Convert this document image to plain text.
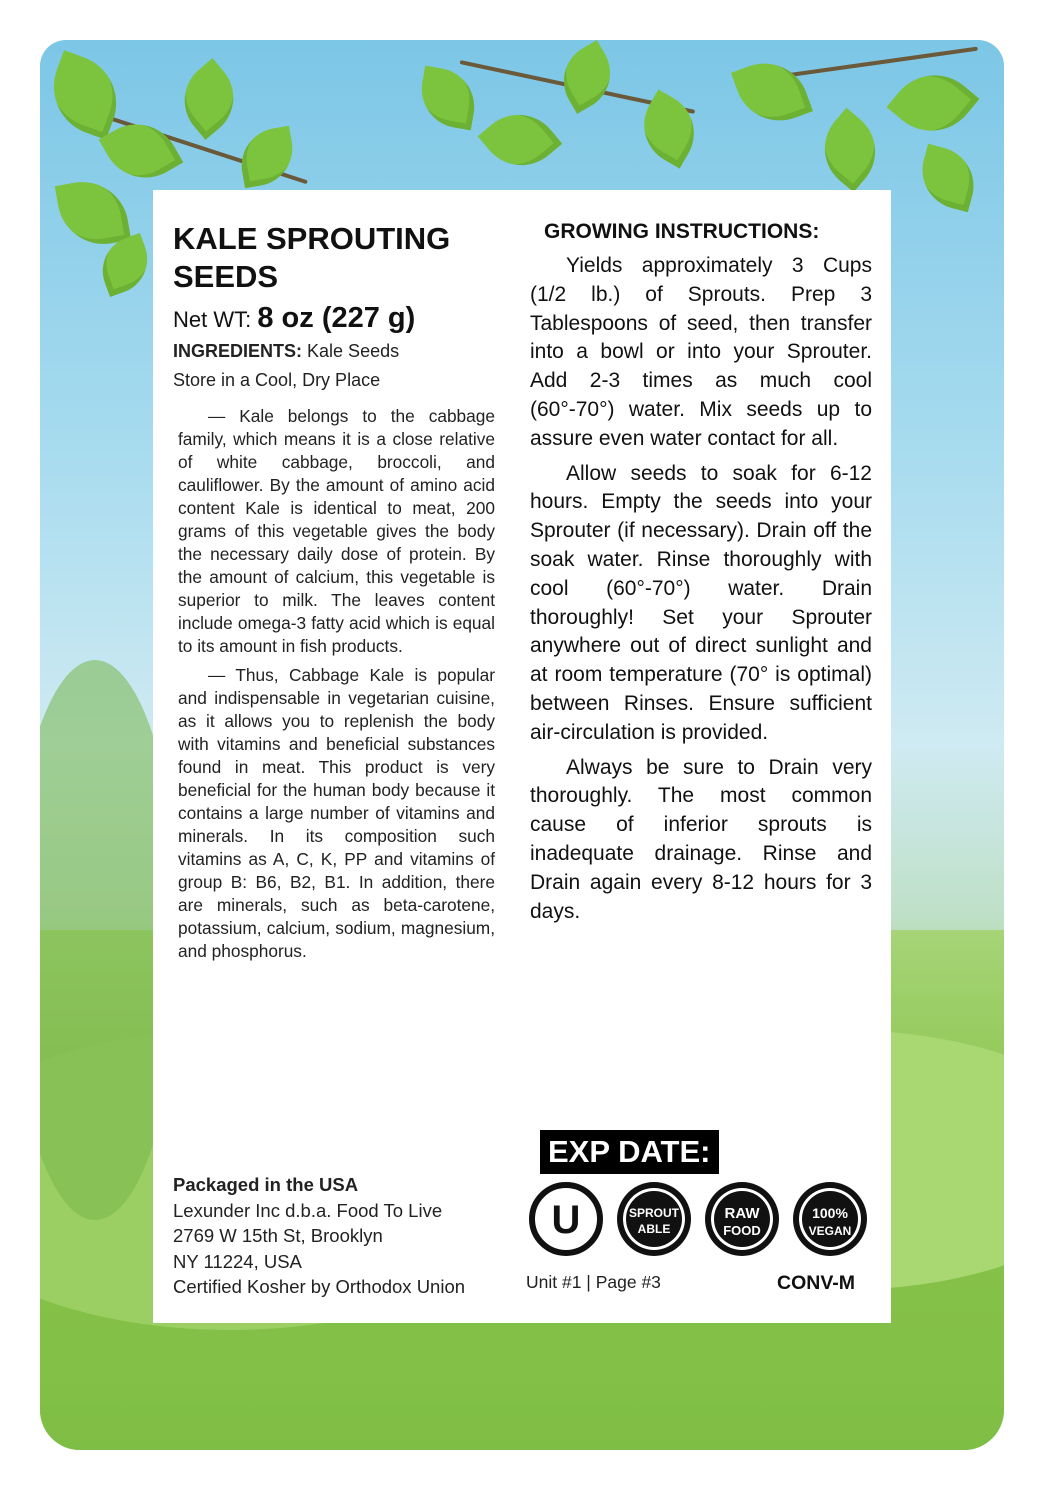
KALE SPROUTING SEEDS
Net WT: 8 oz (227 g)
INGREDIENTS: Kale Seeds
Store in a Cool, Dry Place

— Kale belongs to the cabbage family, which means it is a close relative of white cabbage, broccoli, and cauliflower. By the amount of amino acid content Kale is identical to meat, 200 grams of this vegetable gives the body the necessary daily dose of protein. By the amount of calcium, this vegetable is superior to milk. The leaves content include omega-3 fatty acid which is equal to its amount in fish products.

— Thus, Cabbage Kale is popular and indispensable in vegetarian cuisine, as it allows you to replenish the body with vitamins and beneficial substances found in meat. This product is very beneficial for the human body because it contains a large number of vitamins and minerals. In its composition such vitamins as A, C, K, PP and vitamins of group B: B6, B2, B1. In addition, there are minerals, such as beta-carotene, potassium, calcium, sodium, magnesium, and phosphorus.

Packaged in the USA
Lexunder Inc d.b.a. Food To Live
2769 W 15th St, Brooklyn
NY 11224, USA
Certified Kosher by Orthodox Union
GROWING INSTRUCTIONS:

Yields approximately 3 Cups (1/2 lb.) of Sprouts. Prep 3 Tablespoons of seed, then transfer into a bowl or into your Sprouter. Add 2-3 times as much cool (60°-70°) water. Mix seeds up to assure even water contact for all.

Allow seeds to soak for 6-12 hours. Empty the seeds into your Sprouter (if necessary). Drain off the soak water. Rinse thoroughly with cool (60°-70°) water. Drain thoroughly! Set your Sprouter anywhere out of direct sunlight and at room temperature (70° is optimal) between Rinses. Ensure sufficient air-circulation is provided.

Always be sure to Drain very thoroughly. The most common cause of inferior sprouts is inadequate drainage. Rinse and Drain again every 8-12 hours for 3 days.

EXP DATE:
U	SPROUT
ABLE
RAW
FOOD
100%
VEGAN
Unit #1 | Page #3	CONV-M
